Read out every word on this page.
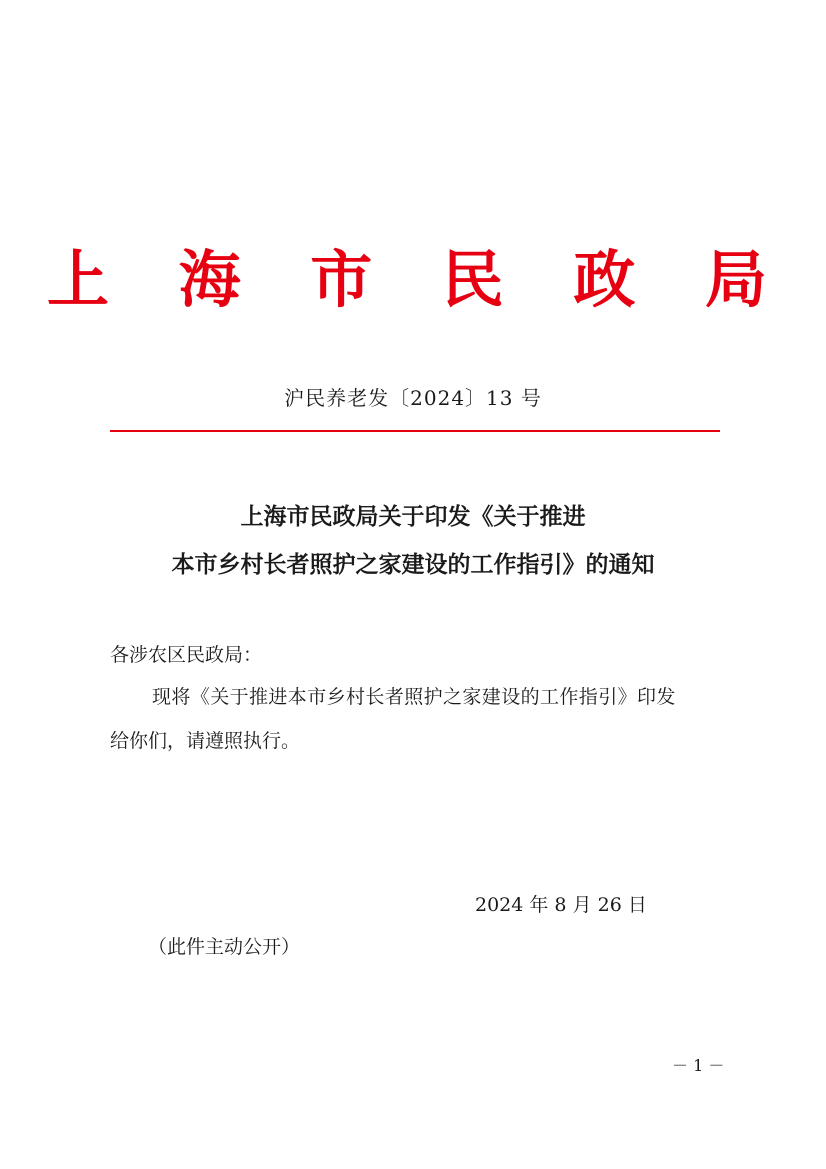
上 海 市 民 政 局
沪民养老发〔2024〕13 号
上海市民政局关于印发《关于推进
本市乡村长者照护之家建设的工作指引》的通知
各涉农区民政局：
现将《关于推进本市乡村长者照护之家建设的工作指引》印发
给你们，请遵照执行。
2024 年 8 月 26 日
（此件主动公开）
－ 1 －
